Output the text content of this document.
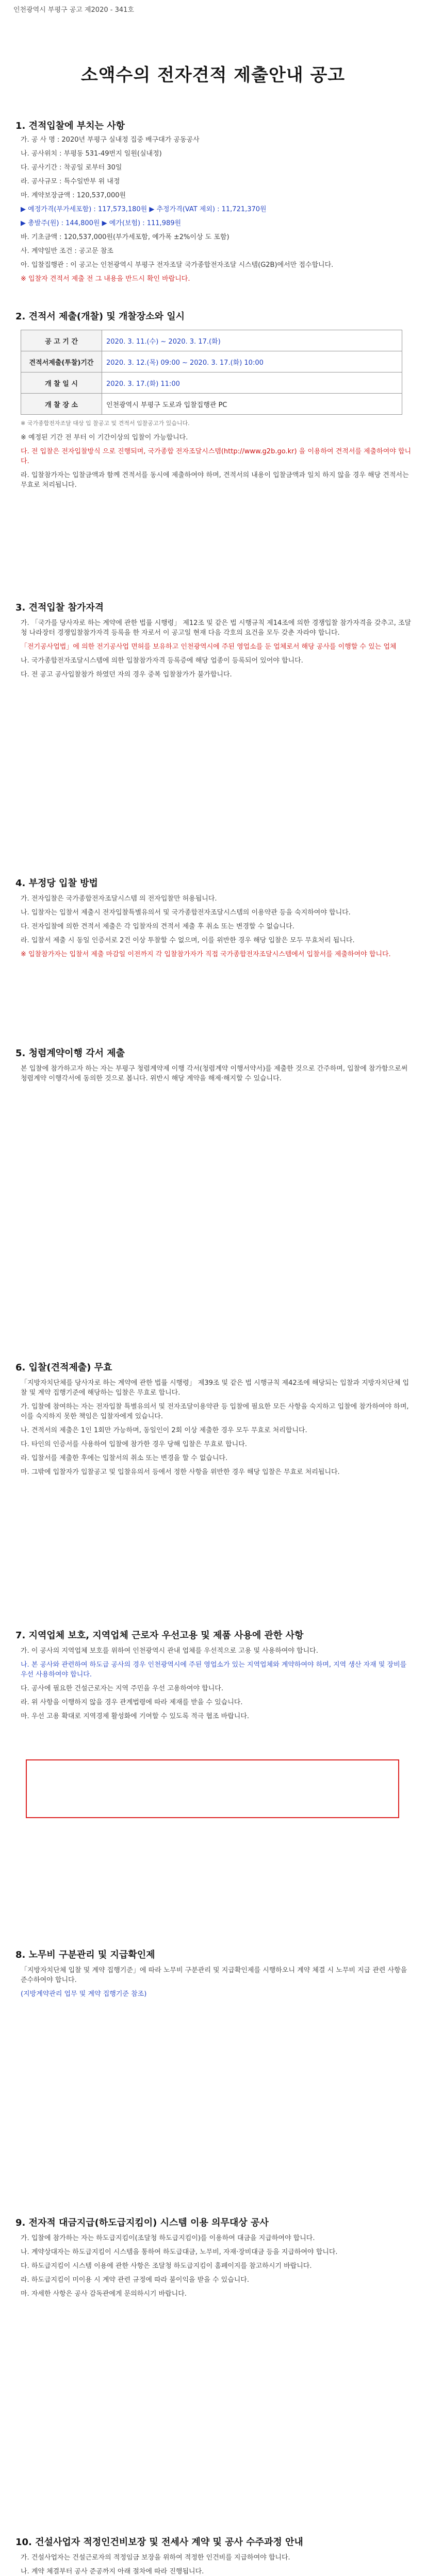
인천광역시 부평구 공고 제2020 - 341호
소액수의 전자견적 제출안내 공고
1. 견적입찰에 부치는 사항

가. 공 사 명 : 2020년 부평구 실내정 집중 배구대가 공동공사

나. 공사위치 : 부평동 531-49번지 일원(실내정)

다. 공사기간 : 착공일 로부터 30일

라. 공사규모 : 특수일반부 위 내정

마. 계약보장금액 : 120,537,000원

▶ 예정가격(부가세포함) : 117,573,180원 ▶ 추정가격(VAT 제외) : 11,721,370원

▶ 총발주(원) : 144,800원 ▶ 예가(보험) : 111,989원

바. 기초금액 : 120,537,000원(부가세포함, 예가폭 ±2%이상 도 포함)

사. 계약일반 조건 : 공고문 참조

아. 입찰집행관 : 이 공고는 인천광역시 부평구 전자조달 국가종합전자조달 시스템(G2B)에서만 접수합니다.

※ 입찰자 견적서 제출 전 그 내용을 반드시 확인 바랍니다.

2. 견적서 제출(개찰) 및 개찰장소와 일시
공 고 기 간	2020. 3. 11.(수) ~ 2020. 3. 17.(화)
견적서제출(투찰)기간	2020. 3. 12.(목) 09:00 ~ 2020. 3. 17.(화) 10:00
개 찰 일 시	2020. 3. 17.(화) 11:00
개 찰 장 소	인천광역시 부평구 도로과 입찰집행관 PC
※ 국가종합전자조달 대상 입 찰공고 및 견적서 입찰공고가 있습니다.

※ 예정된 기간 전 부터 이 기간이상의 입찰이 가능합니다.

다. 전 입찰은 전자입찰방식 으로 진행되며, 국가종합 전자조달시스템(http://www.g2b.go.kr) 을 이용하여 견적서를 제출하여야 합니다.

라. 입찰참가자는 입찰금액과 함께 견적서를 동시에 제출하여야 하며, 견적서의 내용이 입찰금액과 일치 하지 않을 경우 해당 견적서는 무효로 처리됩니다.

3. 견적입찰 참가자격

가. 「국가를 당사자로 하는 계약에 관한 법률 시행령」 제12조 및 같은 법 시행규칙 제14조에 의한 경쟁입찰 참가자격을 갖추고, 조달청 나라장터 경쟁입찰참가자격 등록을 한 자로서 이 공고일 현재 다음 각호의 요건을 모두 갖춘 자라야 합니다.

「전기공사업법」에 의한 전기공사업 면허를 보유하고 인천광역시에 주된 영업소를 둔 업체로서 해당 공사를 이행할 수 있는 업체

나. 국가종합전자조달시스템에 의한 입찰참가자격 등록증에 해당 업종이 등록되어 있어야 합니다.

다. 전 공고 공사입찰참가 하였던 자의 경우 중복 입찰참가가 불가합니다.

4. 부정당 입찰 방법

가. 전자입찰은 국가종합전자조달시스템 의 전자입찰만 허용됩니다.

나. 입찰자는 입찰서 제출시 전자입찰특별유의서 및 국가종합전자조달시스템의 이용약관 등을 숙지하여야 합니다.

다. 전자입찰에 의한 견적서 제출은 각 입찰자의 견적서 제출 후 취소 또는 변경할 수 없습니다.

라. 입찰서 제출 시 동일 인증서로 2건 이상 투찰할 수 없으며, 이를 위반한 경우 해당 입찰은 모두 무효처리 됩니다.

※ 입찰참가자는 입찰서 제출 마감일 이전까지 각 입찰참가자가 직접 국가종합전자조달시스템에서 입찰서를 제출하여야 합니다.

5. 청렴계약이행 각서 제출

본 입찰에 참가하고자 하는 자는 부평구 청렴계약제 이행 각서(청렴계약 이행서약서)를 제출한 것으로 간주하며, 입찰에 참가함으로써 청렴계약 이행각서에 동의한 것으로 봅니다. 위반시 해당 계약을 해제·해지할 수 있습니다.

6. 입찰(견적제출) 무효

「지방자치단체를 당사자로 하는 계약에 관한 법률 시행령」 제39조 및 같은 법 시행규칙 제42조에 해당되는 입찰과 지방자치단체 입찰 및 계약 집행기준에 해당하는 입찰은 무효로 합니다.

가. 입찰에 참여하는 자는 전자입찰 특별유의서 및 전자조달이용약관 등 입찰에 필요한 모든 사항을 숙지하고 입찰에 참가하여야 하며, 이를 숙지하지 못한 책임은 입찰자에게 있습니다.

나. 견적서의 제출은 1인 1회만 가능하며, 동일인이 2회 이상 제출한 경우 모두 무효로 처리합니다.

다. 타인의 인증서를 사용하여 입찰에 참가한 경우 당해 입찰은 무효로 합니다.

라. 입찰서를 제출한 후에는 입찰서의 취소 또는 변경을 할 수 없습니다.

마. 그밖에 입찰자가 입찰공고 및 입찰유의서 등에서 정한 사항을 위반한 경우 해당 입찰은 무효로 처리됩니다.

7. 지역업체 보호, 지역업체 근로자 우선고용 및 제품 사용에 관한 사항

가. 이 공사의 지역업체 보호를 위하여 인천광역시 관내 업체를 우선적으로 고용 및 사용하여야 합니다.

나. 본 공사와 관련하여 하도급 공사의 경우 인천광역시에 주된 영업소가 있는 지역업체와 계약하여야 하며, 지역 생산 자재 및 장비를 우선 사용하여야 합니다.

다. 공사에 필요한 건설근로자는 지역 주민을 우선 고용하여야 합니다.

라. 위 사항을 이행하지 않을 경우 관계법령에 따라 제재를 받을 수 있습니다.

마. 우선 고용 확대로 지역경제 활성화에 기여할 수 있도록 적극 협조 바랍니다.

8. 노무비 구분관리 및 지급확인제

「지방자치단체 입찰 및 계약 집행기준」에 따라 노무비 구분관리 및 지급확인제를 시행하오니 계약 체결 시 노무비 지급 관련 사항을 준수하여야 합니다.

(지방계약관리 업무 및 계약 집행기준 참조)

9. 전자적 대금지급(하도급지킴이) 시스템 이용 의무대상 공사

가. 입찰에 참가하는 자는 하도급지킴이(조달청 하도급지킴이)를 이용하여 대금을 지급하여야 합니다.

나. 계약상대자는 하도급지킴이 시스템을 통하여 하도급대금, 노무비, 자재·장비대금 등을 지급하여야 합니다.

다. 하도급지킴이 시스템 이용에 관한 사항은 조달청 하도급지킴이 홈페이지를 참고하시기 바랍니다.

라. 하도급지킴이 미이용 시 계약 관련 규정에 따라 불이익을 받을 수 있습니다.

마. 자세한 사항은 공사 감독관에게 문의하시기 바랍니다.

10. 건설사업자 적정인건비보장 및 전세사 계약 및 공사 수주과정 안내

가. 건설사업자는 건설근로자의 적정임금 보장을 위하여 적정한 인건비를 지급하여야 합니다.

나. 계약 체결부터 공사 준공까지 아래 절차에 따라 진행됩니다.
